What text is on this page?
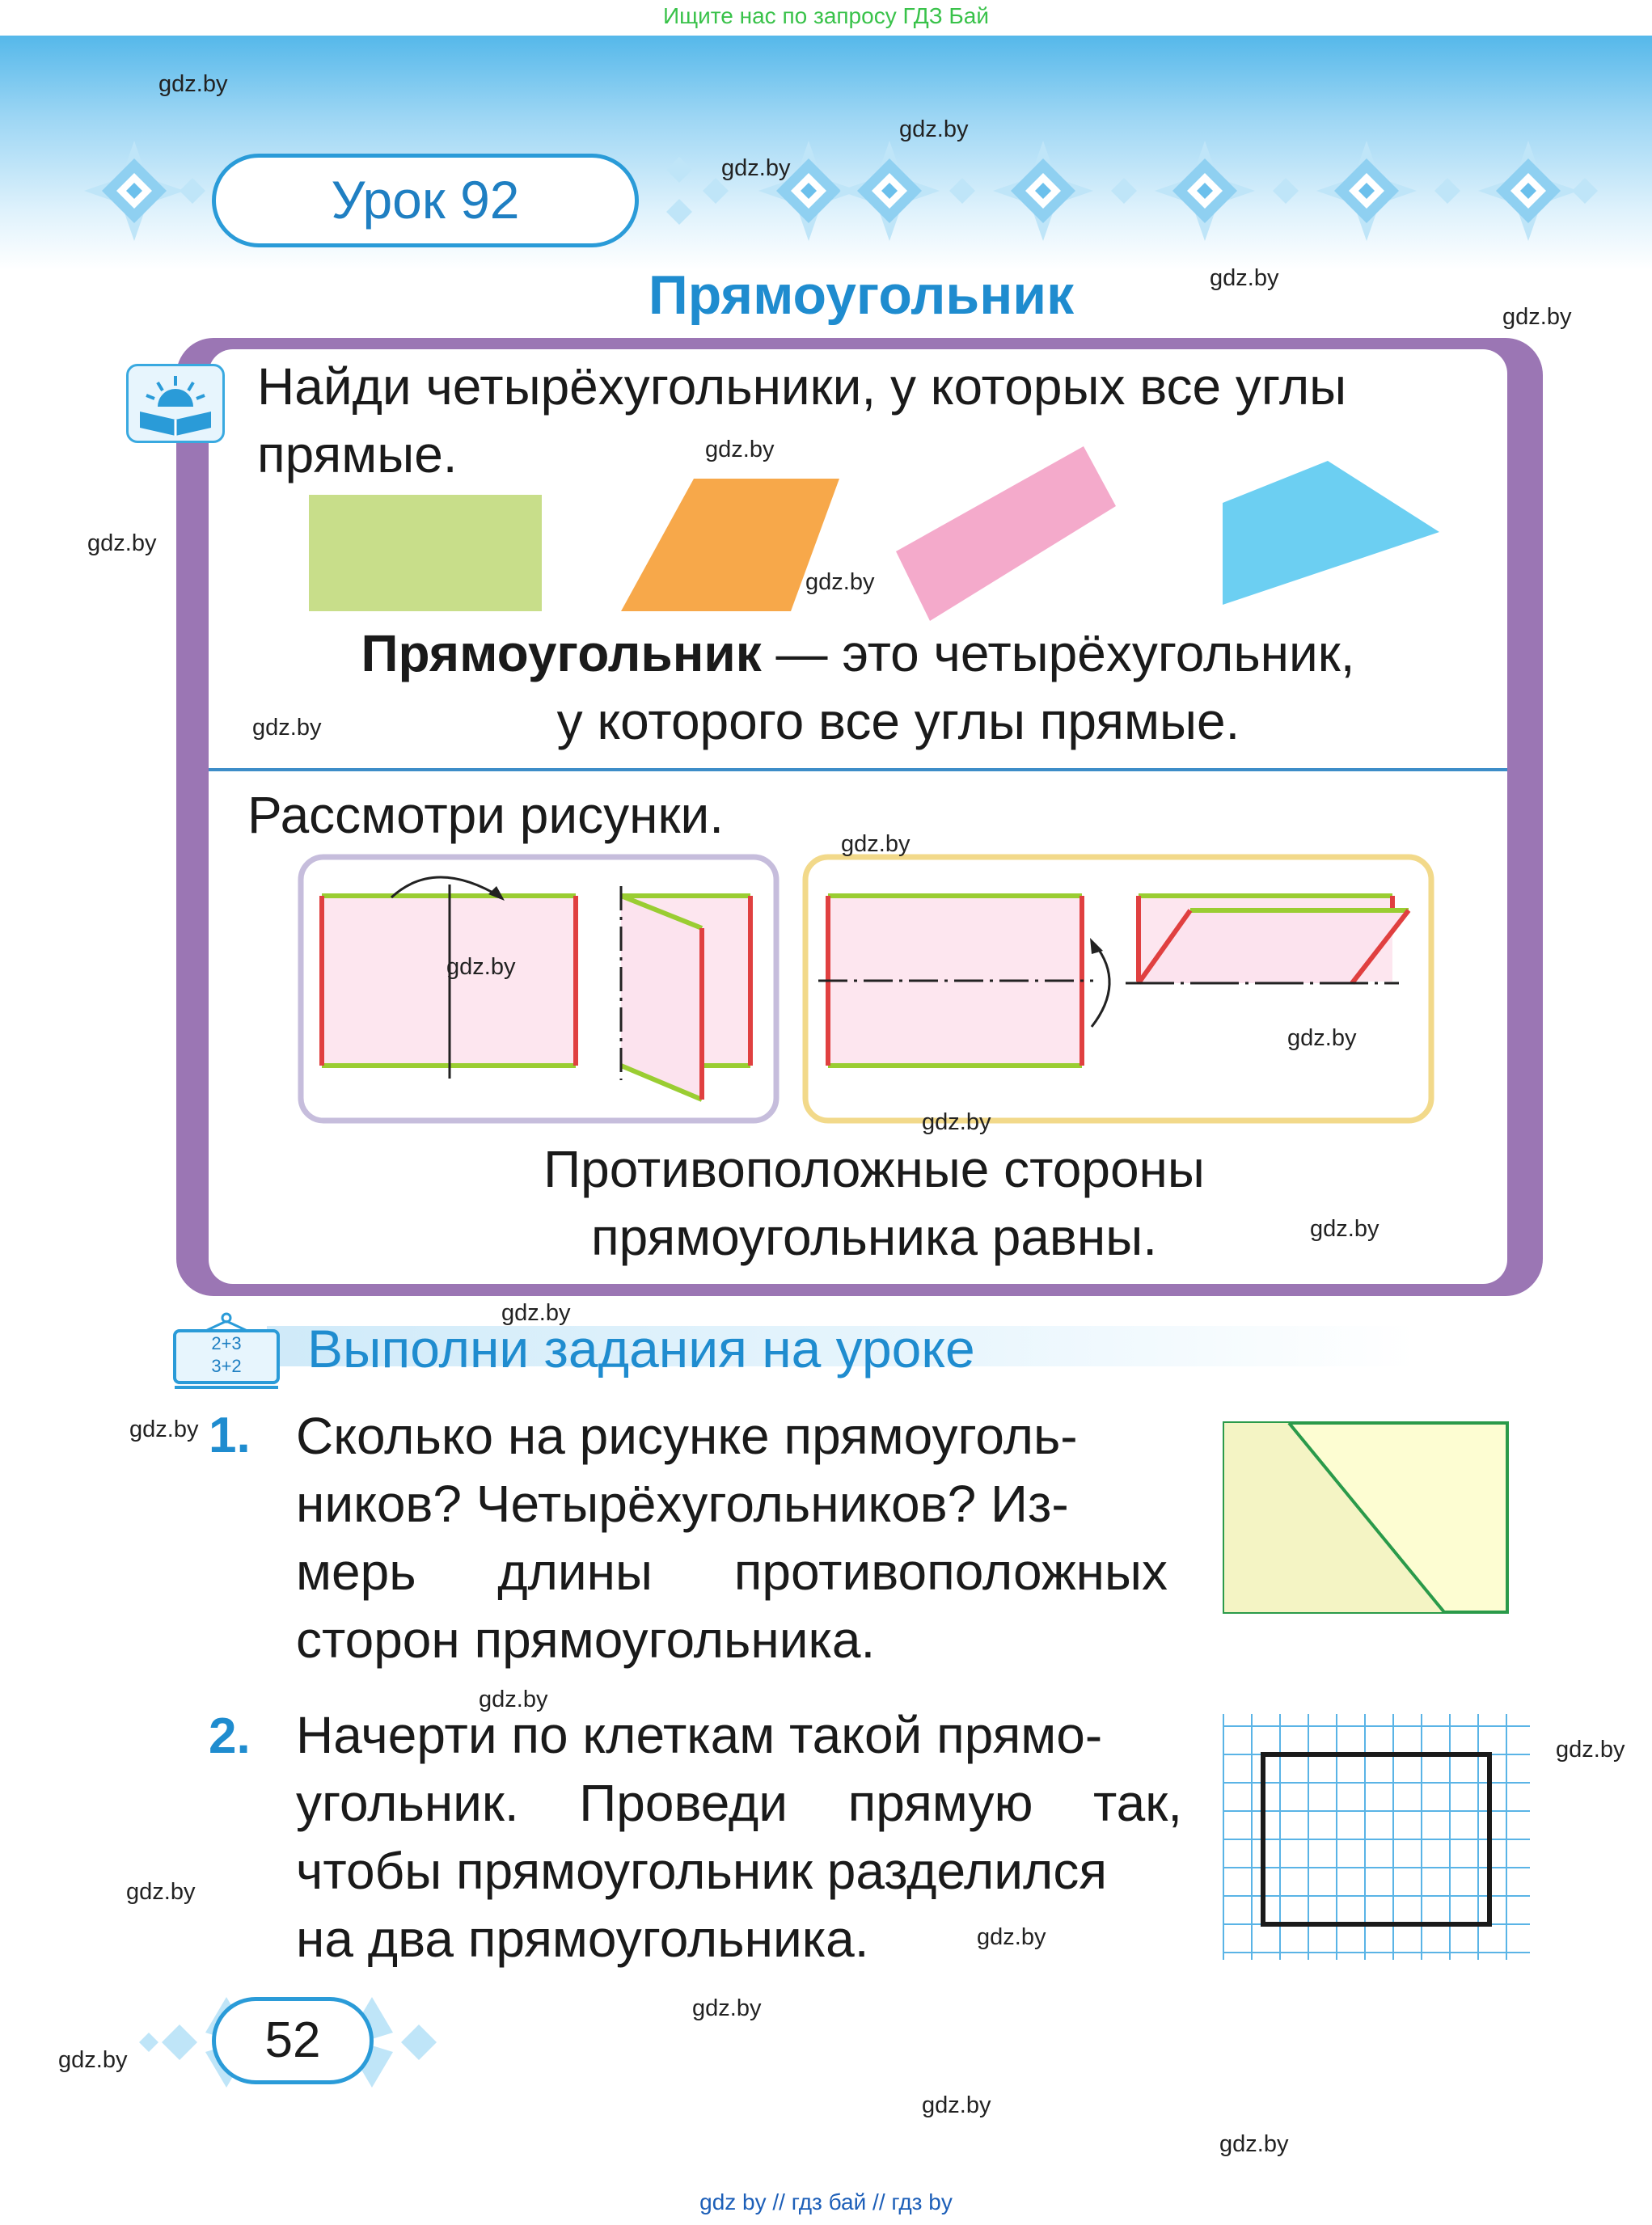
Ищите нас по запросу ГДЗ Бай
Урок 92
Прямоугольник
Найди четырёхугольники, у которых все углы прямые.
Прямоугольник — это четырёхугольник,
у которого все углы прямые.
Рассмотри рисунки.
Противоположные стороны
прямоугольника равны.
2+3
3+2	Выполни задания на уроке
1. Сколько на рисунке прямоуголь-
ников? Четырёхугольников? Из-
мерь длины противоположных
сторон прямоугольника.
2. Начерти по клеткам такой прямо-
угольник. Проведи прямую так,
чтобы прямоугольник разделился
на два прямоугольника.
52
gdz.by
gdz.by
gdz.by
gdz.by
gdz.by
gdz.by
gdz.by
gdz.by
gdz.by
gdz.by
gdz.by
gdz.by
gdz.by
gdz.by
gdz.by
gdz.by
gdz.by
gdz.by
gdz.by
gdz.by
gdz.by
gdz.by
gdz.by
gdz.by
gdz by // гдз бай // гдз by
